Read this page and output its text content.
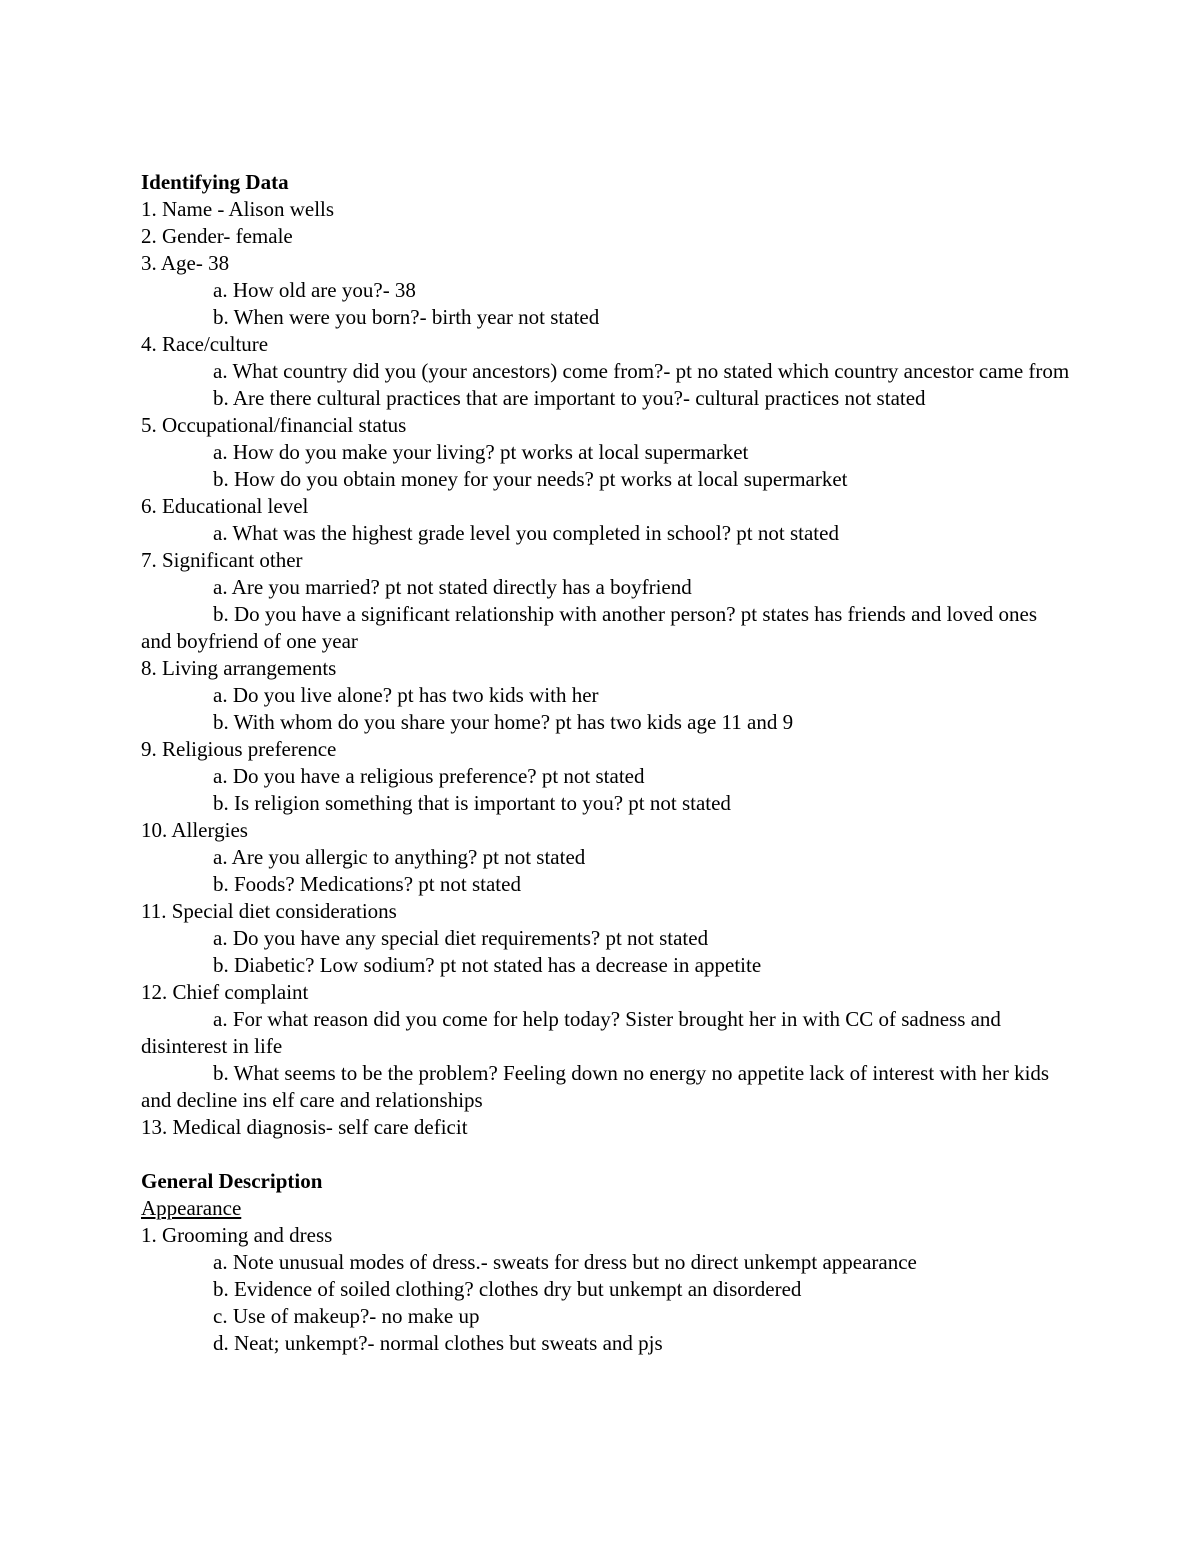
Identifying Data
1. Name - Alison wells
2. Gender- female
3. Age- 38
a. How old are you?- 38
b. When were you born?- birth year not stated
4. Race/culture
a. What country did you (your ancestors) come from?- pt no stated which country ancestor came from
b. Are there cultural practices that are important to you?- cultural practices not stated
5. Occupational/financial status
a. How do you make your living? pt works at local supermarket
b. How do you obtain money for your needs? pt works at local supermarket
6. Educational level
a. What was the highest grade level you completed in school? pt not stated
7. Significant other
a. Are you married? pt not stated directly has a boyfriend
b. Do you have a significant relationship with another person? pt states has friends and loved ones and boyfriend of one year
8. Living arrangements
a. Do you live alone? pt has two kids with her
b. With whom do you share your home? pt has two kids age 11 and 9
9. Religious preference
a. Do you have a religious preference? pt not stated
b. Is religion something that is important to you? pt not stated
10. Allergies
a. Are you allergic to anything? pt not stated
b. Foods? Medications? pt not stated
11. Special diet considerations
a. Do you have any special diet requirements? pt not stated
b. Diabetic? Low sodium? pt not stated has a decrease in appetite
12. Chief complaint
a. For what reason did you come for help today? Sister brought her in with CC of sadness and disinterest in life
b. What seems to be the problem? Feeling down no energy no appetite lack of interest with her kids and decline ins elf care and relationships
13. Medical diagnosis- self care deficit
General Description
Appearance
1. Grooming and dress
a. Note unusual modes of dress.- sweats for dress but no direct unkempt appearance
b. Evidence of soiled clothing? clothes dry but unkempt an disordered
c. Use of makeup?- no make up
d. Neat; unkempt?- normal clothes but sweats and pjs
